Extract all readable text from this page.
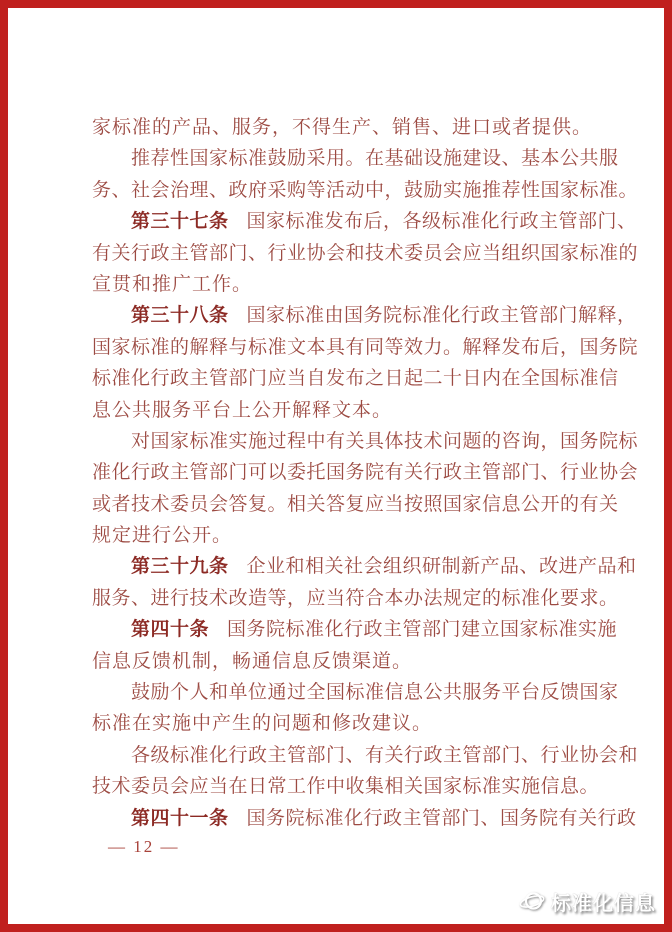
家标准的产品、服务，不得生产、销售、进口或者提供。
推荐性国家标准鼓励采用。在基础设施建设、基本公共服
务、社会治理、政府采购等活动中，鼓励实施推荐性国家标准。
第三十七条 国家标准发布后，各级标准化行政主管部门、
有关行政主管部门、行业协会和技术委员会应当组织国家标准的
宣贯和推广工作。
第三十八条 国家标准由国务院标准化行政主管部门解释，
国家标准的解释与标准文本具有同等效力。解释发布后，国务院
标准化行政主管部门应当自发布之日起二十日内在全国标准信
息公共服务平台上公开解释文本。
对国家标准实施过程中有关具体技术问题的咨询，国务院标
准化行政主管部门可以委托国务院有关行政主管部门、行业协会
或者技术委员会答复。相关答复应当按照国家信息公开的有关
规定进行公开。
第三十九条 企业和相关社会组织研制新产品、改进产品和
服务、进行技术改造等，应当符合本办法规定的标准化要求。
第四十条 国务院标准化行政主管部门建立国家标准实施
信息反馈机制，畅通信息反馈渠道。
鼓励个人和单位通过全国标准信息公共服务平台反馈国家
标准在实施中产生的问题和修改建议。
各级标准化行政主管部门、有关行政主管部门、行业协会和
技术委员会应当在日常工作中收集相关国家标准实施信息。
第四十一条 国务院标准化行政主管部门、国务院有关行政
— 12 —
标准化信息
